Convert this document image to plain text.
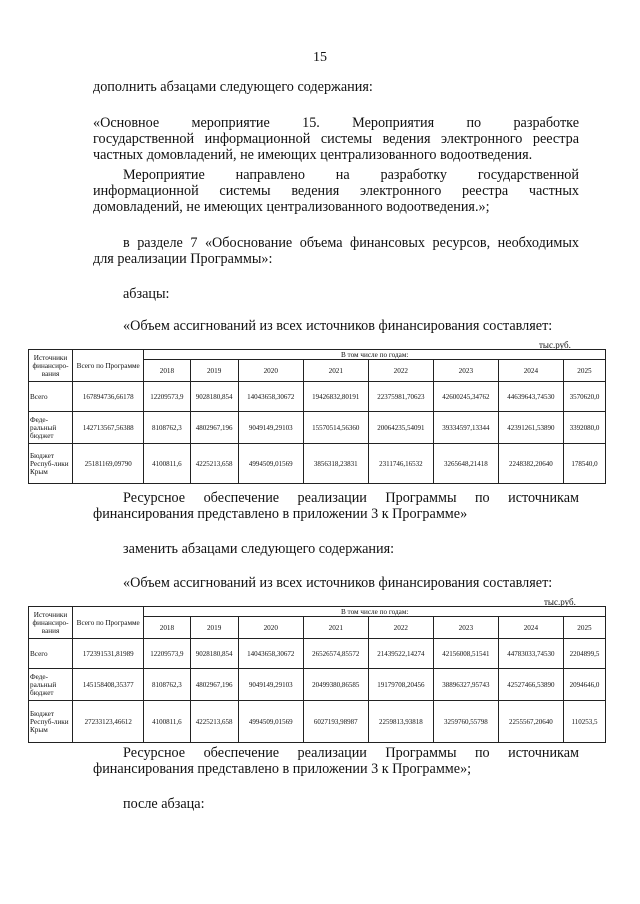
15

дополнить абзацами следующего содержания:

«Основное мероприятие 15. Мероприятия по разработке

государственной информационной системы ведения электронного реестра

частных домовладений, не имеющих централизованного водоотведения.

Мероприятие направлено на разработку государственной

информационной системы ведения электронного реестра частных

домовладений, не имеющих централизованного водоотведения.»;

в разделе 7 «Обоснование объема финансовых ресурсов, необходимых

для реализации Программы»:

абзацы:

«Объем ассигнований из всех источников финансирования составляет:

тыс.руб.
Источники финансиро-вания	Всего по Программе	В том числе по годам:							
		2018	2019	2020	2021	2022	2023	2024	2025
Всего	167894736,66178	12209573,9	9028180,854	14043658,30672	19426832,80191	22375981,70623	42600245,34762	44639643,74530	3570620,0
Феде-ральный бюджет	142713567,56388	8108762,3	4802967,196	9049149,29103	15570514,56360	20064235,54091	39334597,13344	42391261,53890	3392080,0
Бюджет Респуб-лики Крым	25181169,09790	4100811,6	4225213,658	4994509,01569	3856318,23831	2311746,16532	3265648,21418	2248382,20640	178540,0

Ресурсное обеспечение реализации Программы по источникам

финансирования представлено в приложении 3 к Программе»

заменить абзацами следующего содержания:

«Объем ассигнований из всех источников финансирования составляет:

тыс.руб.
Источники финансиро-вания	Всего по Программе	В том числе по годам:							
		2018	2019	2020	2021	2022	2023	2024	2025
Всего	172391531,81989	12209573,9	9028180,854	14043658,30672	26526574,85572	21439522,14274	42156008,51541	44783033,74530	2204899,5
Феде-ральный бюджет	145158408,35377	8108762,3	4802967,196	9049149,29103	20499380,86585	19179708,20456	38896327,95743	42527466,53890	2094646,0
Бюджет Респуб-лики Крым	27233123,46612	4100811,6	4225213,658	4994509,01569	6027193,98987	2259813,93818	3259760,55798	2255567,20640	110253,5

Ресурсное обеспечение реализации Программы по источникам

финансирования представлено в приложении 3 к Программе»;

после абзаца:
